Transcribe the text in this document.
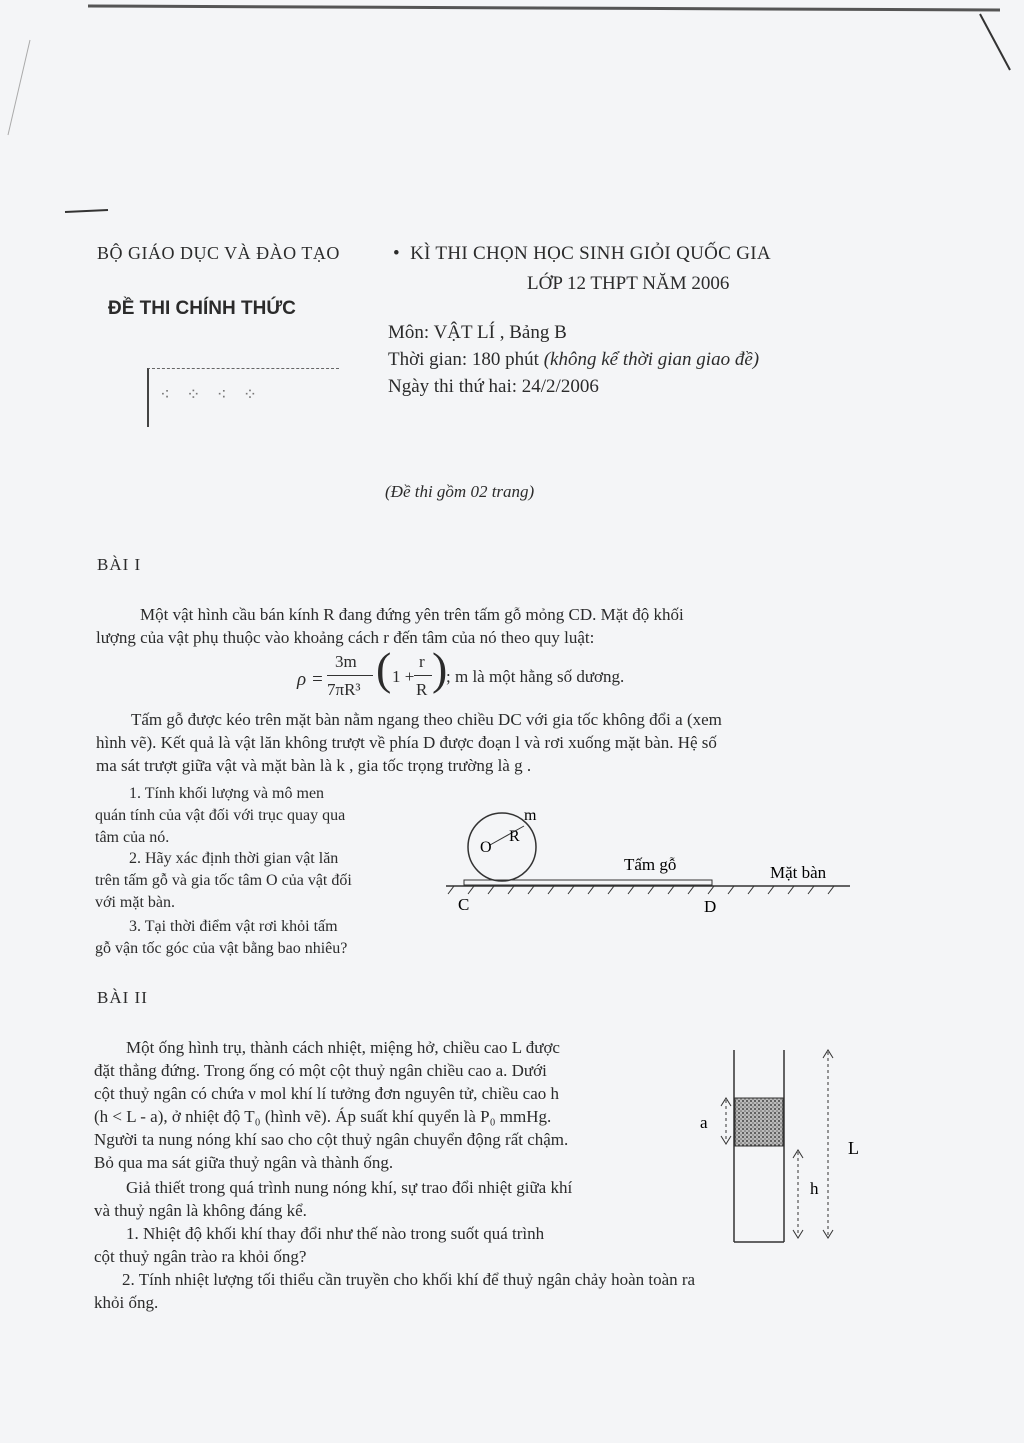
BỘ GIÁO DỤC VÀ ĐÀO TẠO
ĐỀ THI CHÍNH THỨC
⁖ ⁘ ⁖ ⁘
•  KÌ THI CHỌN HỌC SINH GIỎI QUỐC GIA
LỚP 12 THPT NĂM 2006
Môn: VẬT LÍ , Bảng B
Thời gian: 180 phút (không kể thời gian giao đề)
Ngày thi thứ hai: 24/2/2006
(Đề thi gồm 02 trang)
BÀI I
Một vật hình cầu bán kính R đang đứng yên trên tấm gỗ mỏng CD. Mặt độ khối
lượng của vật phụ thuộc vào khoảng cách r đến tâm của nó theo quy luật:
ρ =
3m
7πR³ ( 1 +
r
R )
; m là một hằng số dương.
Tấm gỗ được kéo trên mặt bàn nằm ngang theo chiều DC với gia tốc không đổi a (xem
hình vẽ). Kết quả là vật lăn không trượt về phía D được đoạn l và rơi xuống mặt bàn. Hệ số
ma sát trượt giữa vật và mặt bàn là k , gia tốc trọng trường là g .
1. Tính khối lượng và mô men
quán tính của vật đối với trục quay qua
tâm của nó.
2. Hãy xác định thời gian vật lăn
trên tấm gỗ và gia tốc tâm O của vật đối
với mặt bàn.
3. Tại thời điểm vật rơi khỏi tấm
gỗ vận tốc góc của vật bằng bao nhiêu?
O
R
m
Tấm gỗ	Mặt bàn
C	D
BÀI II
Một ống hình trụ, thành cách nhiệt, miệng hở, chiều cao L được
đặt thẳng đứng. Trong ống có một cột thuỷ ngân chiều cao a. Dưới
cột thuỷ ngân có chứa ν mol khí lí tưởng đơn nguyên tử, chiều cao h
(h < L - a), ở nhiệt độ T₀ (hình vẽ). Áp suất khí quyển là P₀ mmHg.
Người ta nung nóng khí sao cho cột thuỷ ngân chuyển động rất chậm.
Bỏ qua ma sát giữa thuỷ ngân và thành ống.
Giả thiết trong quá trình nung nóng khí, sự trao đổi nhiệt giữa khí
và thuỷ ngân là không đáng kể.
1. Nhiệt độ khối khí thay đổi như thế nào trong suốt quá trình
cột thuỷ ngân trào ra khỏi ống?
2. Tính nhiệt lượng tối thiểu cần truyền cho khối khí để thuỷ ngân chảy hoàn toàn ra
khỏi ống.
a
h
L
